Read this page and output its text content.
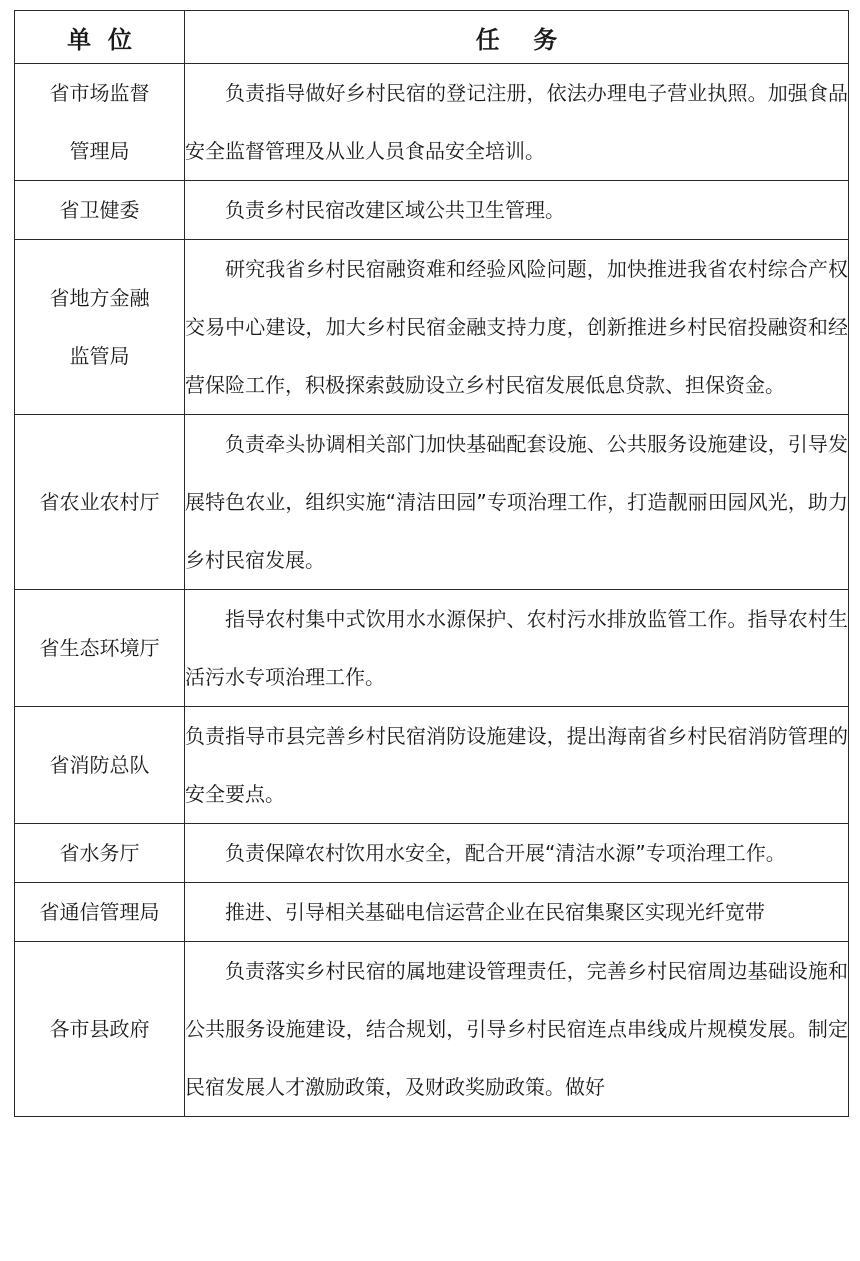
单  位	任    务

省市场监督
管理局	负责指导做好乡村民宿的登记注册，依法办理电子营业执照。加强食品安全监督管理及从业人员食品安全培训。

省卫健委	负责乡村民宿改建区域公共卫生管理。

省地方金融
监管局	研究我省乡村民宿融资难和经验风险问题，加快推进我省农村综合产权交易中心建设，加大乡村民宿金融支持力度，创新推进乡村民宿投融资和经营保险工作，积极探索鼓励设立乡村民宿发展低息贷款、担保资金。

省农业农村厅	负责牵头协调相关部门加快基础配套设施、公共服务设施建设，引导发展特色农业，组织实施“清洁田园”专项治理工作，打造靓丽田园风光，助力乡村民宿发展。

省生态环境厅	指导农村集中式饮用水水源保护、农村污水排放监管工作。指导农村生活污水专项治理工作。

省消防总队	负责指导市县完善乡村民宿消防设施建设，提出海南省乡村民宿消防管理的安全要点。

省水务厅	负责保障农村饮用水安全，配合开展“清洁水源”专项治理工作。

省通信管理局	推进、引导相关基础电信运营企业在民宿集聚区实现光纤宽带

各市县政府	负责落实乡村民宿的属地建设管理责任，完善乡村民宿周边基础设施和公共服务设施建设，结合规划，引导乡村民宿连点串线成片规模发展。制定民宿发展人才激励政策，及财政奖励政策。做好
